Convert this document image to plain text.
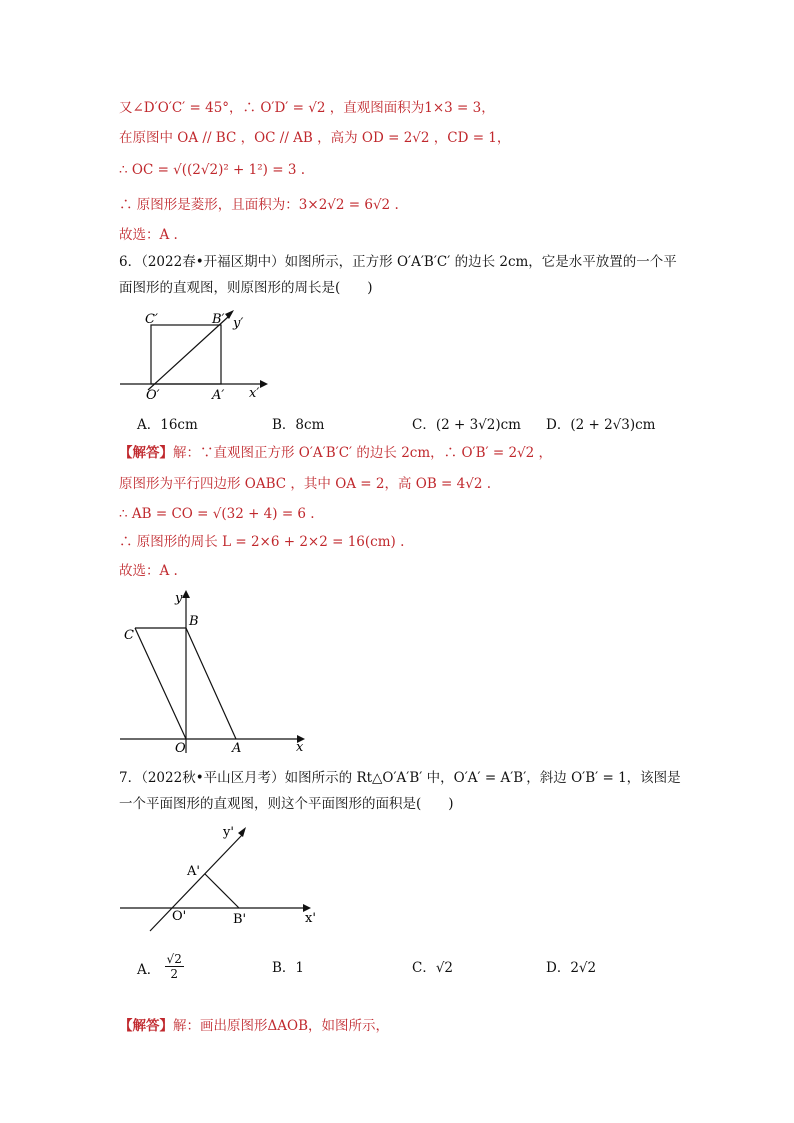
又∠D′O′C′ = 45°，∴ O′D′ = √2 ，直观图面积为1×3 = 3，
在原图中 OA // BC ，OC // AB ，高为 OD = 2√2 ，CD = 1，
∴ OC = √((2√2)² + 1²) = 3 .
∴ 原图形是菱形，且面积为：3×2√2 = 6√2 .
故选：A .
6．（2022春•开福区期中）如图所示，正方形 O′A′B′C′ 的边长 2cm，它是水平放置的一个平
面图形的直观图，则原图形的周长是(　　)
C′	B′ y′
O′	A′ x′
A．16cm	B．8cm	C．(2 + 3√2)cm D．(2 + 2√3)cm
【解答】解：∵直观图正方形 O′A′B′C′ 的边长 2cm，∴ O′B′ = 2√2 ，
原图形为平行四边形 OABC ，其中 OA = 2，高 OB = 4√2 .
∴ AB = CO = √(32 + 4) = 6 .
∴ 原图形的周长 L = 2×6 + 2×2 = 16(cm) .
故选：A .
y
B
C
O	A	x
7．（2022秋•平山区月考）如图所示的 Rt△O′A′B′ 中，O′A′ = A′B′，斜边 O′B′ = 1，该图是
一个平面图形的直观图，则这个平面图形的面积是(　　)
y'
A'
O'	B'	x'
A． $\frac{√2}{2}$	B．1	C．√2	D．2√2
【解答】解：画出原图形ΔAOB，如图所示，
